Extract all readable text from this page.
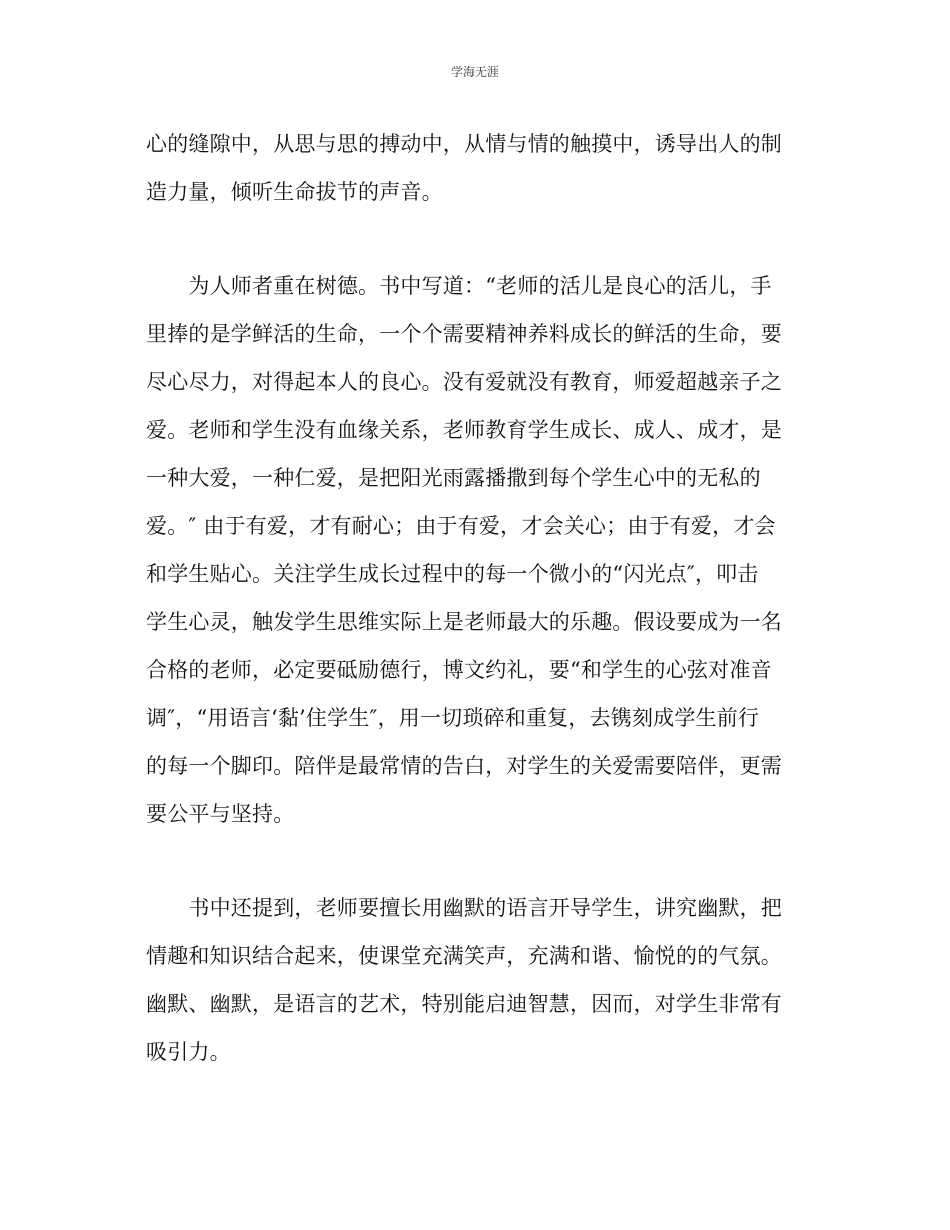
学海无涯

心的缝隙中，从思与思的搏动中，从情与情的触摸中，诱导出人的制
造力量，倾听生命拔节的声音。

　　为人师者重在树德。书中写道：“老师的活儿是良心的活儿，手
里捧的是学鲜活的生命，一个个需要精神养料成长的鲜活的生命，要
尽心尽力，对得起本人的良心。没有爱就没有教育，师爱超越亲子之
爱。老师和学生没有血缘关系，老师教育学生成长、成人、成才，是
一种大爱，一种仁爱，是把阳光雨露播撒到每个学生心中的无私的
爱。″ 由于有爱，才有耐心；由于有爱，才会关心；由于有爱，才会
和学生贴心。关注学生成长过程中的每一个微小的“闪光点″，叩击
学生心灵，触发学生思维实际上是老师最大的乐趣。假设要成为一名
合格的老师，必定要砥励德行，博文约礼，要“和学生的心弦对准音
调″，“用语言‘黏’住学生″，用一切琐碎和重复，去镌刻成学生前行
的每一个脚印。陪伴是最常情的告白，对学生的关爱需要陪伴，更需
要公平与坚持。

　　书中还提到，老师要擅长用幽默的语言开导学生，讲究幽默，把
情趣和知识结合起来，使课堂充满笑声，充满和谐、愉悦的的气氛。
幽默、幽默，是语言的艺术，特别能启迪智慧，因而，对学生非常有
吸引力。
